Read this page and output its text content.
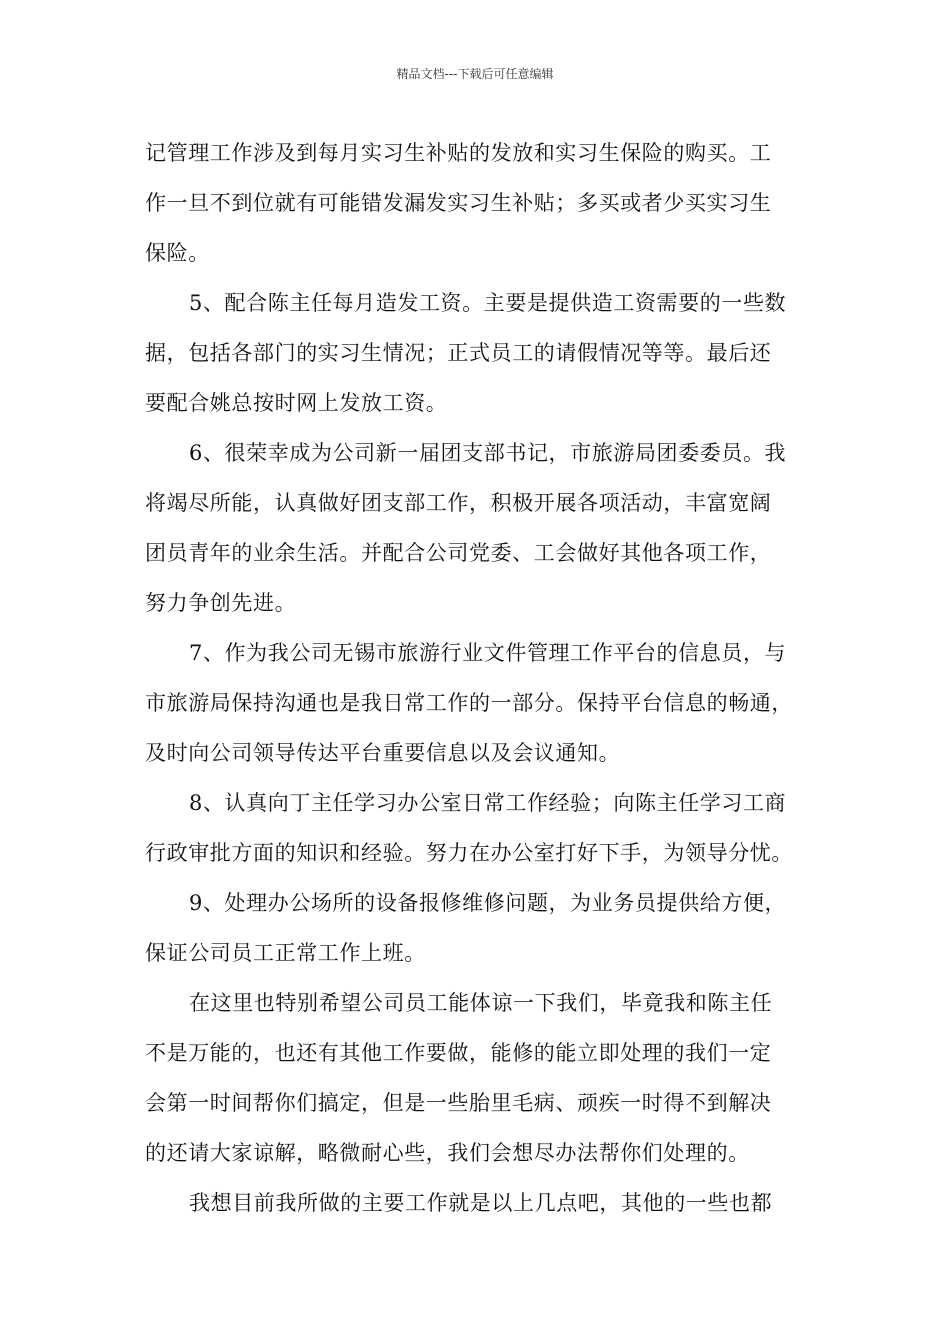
精品文档---下载后可任意编辑

记管理工作涉及到每月实习生补贴的发放和实习生保险的购买。工
作一旦不到位就有可能错发漏发实习生补贴；多买或者少买实习生
保险。

5、配合陈主任每月造发工资。主要是提供造工资需要的一些数
据，包括各部门的实习生情况；正式员工的请假情况等等。最后还
要配合姚总按时网上发放工资。

6、很荣幸成为公司新一届团支部书记，市旅游局团委委员。我
将竭尽所能，认真做好团支部工作，积极开展各项活动，丰富宽阔
团员青年的业余生活。并配合公司党委、工会做好其他各项工作，
努力争创先进。

7、作为我公司无锡市旅游行业文件管理工作平台的信息员，与
市旅游局保持沟通也是我日常工作的一部分。保持平台信息的畅通，
及时向公司领导传达平台重要信息以及会议通知。

8、认真向丁主任学习办公室日常工作经验；向陈主任学习工商
行政审批方面的知识和经验。努力在办公室打好下手，为领导分忧。

9、处理办公场所的设备报修维修问题，为业务员提供给方便，
保证公司员工正常工作上班。

在这里也特别希望公司员工能体谅一下我们，毕竟我和陈主任
不是万能的，也还有其他工作要做，能修的能立即处理的我们一定
会第一时间帮你们搞定，但是一些胎里毛病、顽疾一时得不到解决
的还请大家谅解，略微耐心些，我们会想尽办法帮你们处理的。

我想目前我所做的主要工作就是以上几点吧，其他的一些也都
